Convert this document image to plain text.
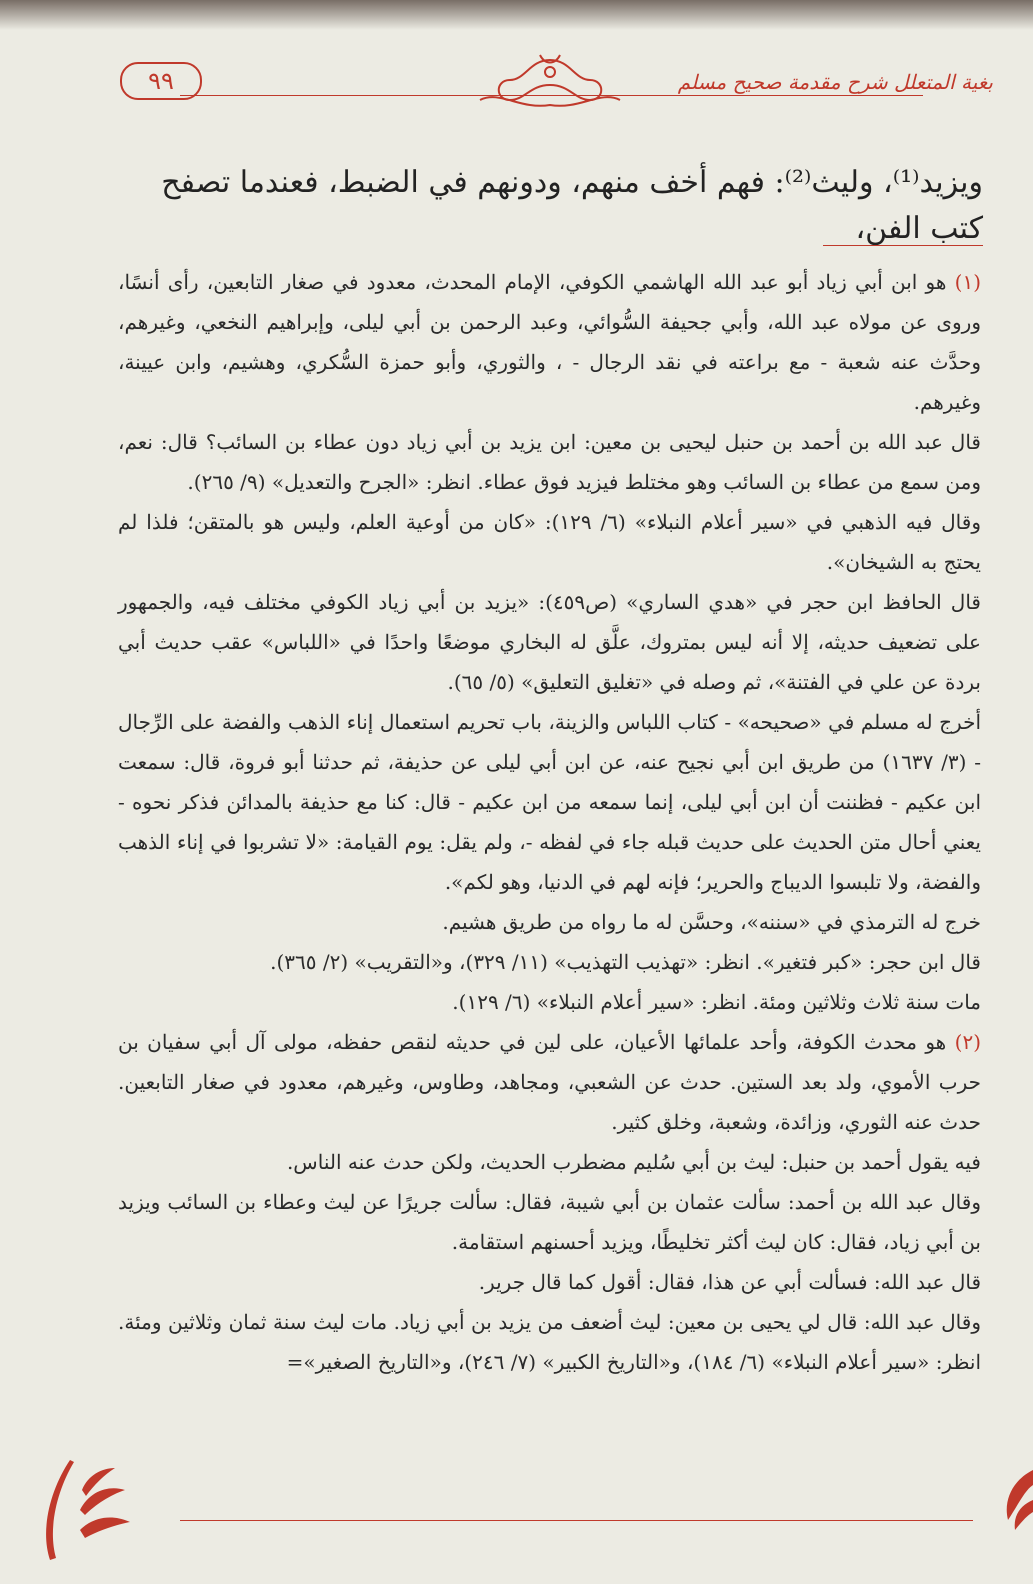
٩٩	بغية المتعلل شرح مقدمة صحيح مسلم
ويزيد⁽¹⁾، وليث⁽²⁾: فهم أخف منهم، ودونهم في الضبط، فعندما تصفح كتب الفن،

(١) هو ابن أبي زياد أبو عبد الله الهاشمي الكوفي، الإمام المحدث، معدود في صغار التابعين، رأى أنسًا، وروى عن مولاه عبد الله، وأبي جحيفة السُّوائي، وعبد الرحمن بن أبي ليلى، وإبراهيم النخعي، وغيرهم، وحدَّث عنه شعبة - مع براعته في نقد الرجال - ، والثوري، وأبو حمزة السُّكري، وهشيم، وابن عيينة، وغيرهم.

قال عبد الله بن أحمد بن حنبل ليحيى بن معين: ابن يزيد بن أبي زياد دون عطاء بن السائب؟ قال: نعم، ومن سمع من عطاء بن السائب وهو مختلط فيزيد فوق عطاء. انظر: «الجرح والتعديل» (٩/ ٢٦٥).

وقال فيه الذهبي في «سير أعلام النبلاء» (٦/ ١٢٩): «كان من أوعية العلم، وليس هو بالمتقن؛ فلذا لم يحتج به الشيخان».

قال الحافظ ابن حجر في «هدي الساري» (ص٤٥٩): «يزيد بن أبي زياد الكوفي مختلف فيه، والجمهور على تضعيف حديثه، إلا أنه ليس بمتروك، علَّق له البخاري موضعًا واحدًا في «اللباس» عقب حديث أبي بردة عن علي في الفتنة»، ثم وصله في «تغليق التعليق» (٥/ ٦٥).

أخرج له مسلم في «صحيحه» - كتاب اللباس والزينة، باب تحريم استعمال إناء الذهب والفضة على الرِّجال - (٣/ ١٦٣٧) من طريق ابن أبي نجيح عنه، عن ابن أبي ليلى عن حذيفة، ثم حدثنا أبو فروة، قال: سمعت ابن عكيم - فظننت أن ابن أبي ليلى، إنما سمعه من ابن عكيم - قال: كنا مع حذيفة بالمدائن فذكر نحوه - يعني أحال متن الحديث على حديث قبله جاء في لفظه -، ولم يقل: يوم القيامة: «لا تشربوا في إناء الذهب والفضة، ولا تلبسوا الديباج والحرير؛ فإنه لهم في الدنيا، وهو لكم».

خرج له الترمذي في «سننه»، وحسَّن له ما رواه من طريق هشيم.

قال ابن حجر: «كبر فتغير». انظر: «تهذيب التهذيب» (١١/ ٣٢٩)، و«التقريب» (٢/ ٣٦٥).

مات سنة ثلاث وثلاثين ومئة. انظر: «سير أعلام النبلاء» (٦/ ١٢٩).

(٢) هو محدث الكوفة، وأحد علمائها الأعيان، على لين في حديثه لنقص حفظه، مولى آل أبي سفيان بن حرب الأموي، ولد بعد الستين. حدث عن الشعبي، ومجاهد، وطاوس، وغيرهم، معدود في صغار التابعين. حدث عنه الثوري، وزائدة، وشعبة، وخلق كثير.

فيه يقول أحمد بن حنبل: ليث بن أبي سُليم مضطرب الحديث، ولكن حدث عنه الناس.

وقال عبد الله بن أحمد: سألت عثمان بن أبي شيبة، فقال: سألت جريرًا عن ليث وعطاء بن السائب ويزيد بن أبي زياد، فقال: كان ليث أكثر تخليطًا، ويزيد أحسنهم استقامة.

قال عبد الله: فسألت أبي عن هذا، فقال: أقول كما قال جرير.

وقال عبد الله: قال لي يحيى بن معين: ليث أضعف من يزيد بن أبي زياد. مات ليث سنة ثمان وثلاثين ومئة. انظر: «سير أعلام النبلاء» (٦/ ١٨٤)، و«التاريخ الكبير» (٧/ ٢٤٦)، و«التاريخ الصغير»=
